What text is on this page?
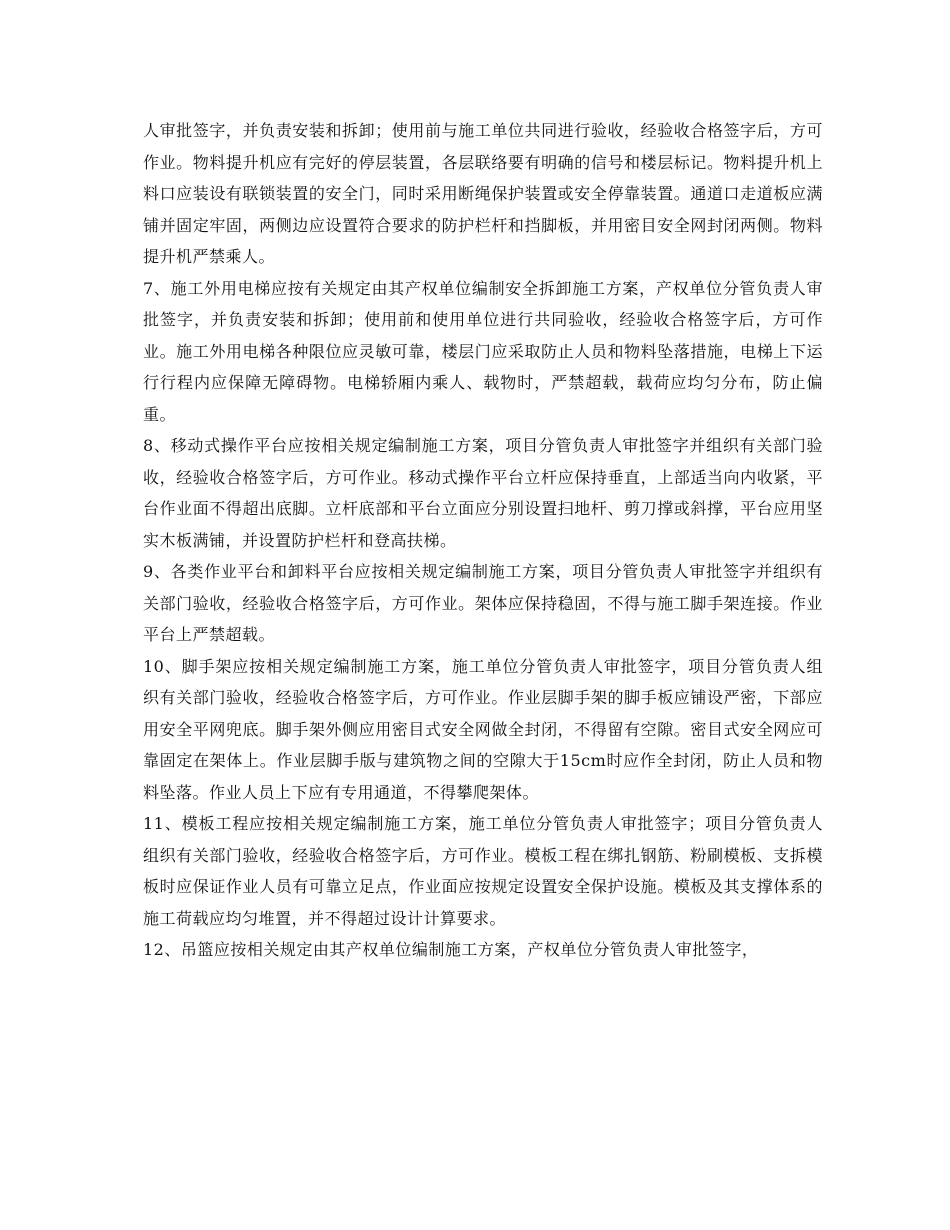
人审批签字，并负责安装和拆卸；使用前与施工单位共同进行验收，经验收合格签字后，方可作业。物料提升机应有完好的停层装置，各层联络要有明确的信号和楼层标记。物料提升机上料口应装设有联锁装置的安全门，同时采用断绳保护装置或安全停靠装置。通道口走道板应满铺并固定牢固，两侧边应设置符合要求的防护栏杆和挡脚板，并用密目安全网封闭两侧。物料提升机严禁乘人。

7、施工外用电梯应按有关规定由其产权单位编制安全拆卸施工方案，产权单位分管负责人审批签字，并负责安装和拆卸；使用前和使用单位进行共同验收，经验收合格签字后，方可作业。施工外用电梯各种限位应灵敏可靠，楼层门应采取防止人员和物料坠落措施，电梯上下运行行程内应保障无障碍物。电梯轿厢内乘人、载物时，严禁超载，载荷应均匀分布，防止偏重。

8、移动式操作平台应按相关规定编制施工方案，项目分管负责人审批签字并组织有关部门验收，经验收合格签字后，方可作业。移动式操作平台立杆应保持垂直，上部适当向内收紧，平台作业面不得超出底脚。立杆底部和平台立面应分别设置扫地杆、剪刀撑或斜撑，平台应用坚实木板满铺，并设置防护栏杆和登高扶梯。

9、各类作业平台和卸料平台应按相关规定编制施工方案，项目分管负责人审批签字并组织有关部门验收，经验收合格签字后，方可作业。架体应保持稳固，不得与施工脚手架连接。作业平台上严禁超载。

10、脚手架应按相关规定编制施工方案，施工单位分管负责人审批签字，项目分管负责人组织有关部门验收，经验收合格签字后，方可作业。作业层脚手架的脚手板应铺设严密，下部应用安全平网兜底。脚手架外侧应用密目式安全网做全封闭，不得留有空隙。密目式安全网应可靠固定在架体上。作业层脚手版与建筑物之间的空隙大于15cm时应作全封闭，防止人员和物料坠落。作业人员上下应有专用通道，不得攀爬架体。

11、模板工程应按相关规定编制施工方案，施工单位分管负责人审批签字；项目分管负责人组织有关部门验收，经验收合格签字后，方可作业。模板工程在绑扎钢筋、粉刷模板、支拆模板时应保证作业人员有可靠立足点，作业面应按规定设置安全保护设施。模板及其支撑体系的施工荷载应均匀堆置，并不得超过设计计算要求。

12、吊篮应按相关规定由其产权单位编制施工方案，产权单位分管负责人审批签字，
